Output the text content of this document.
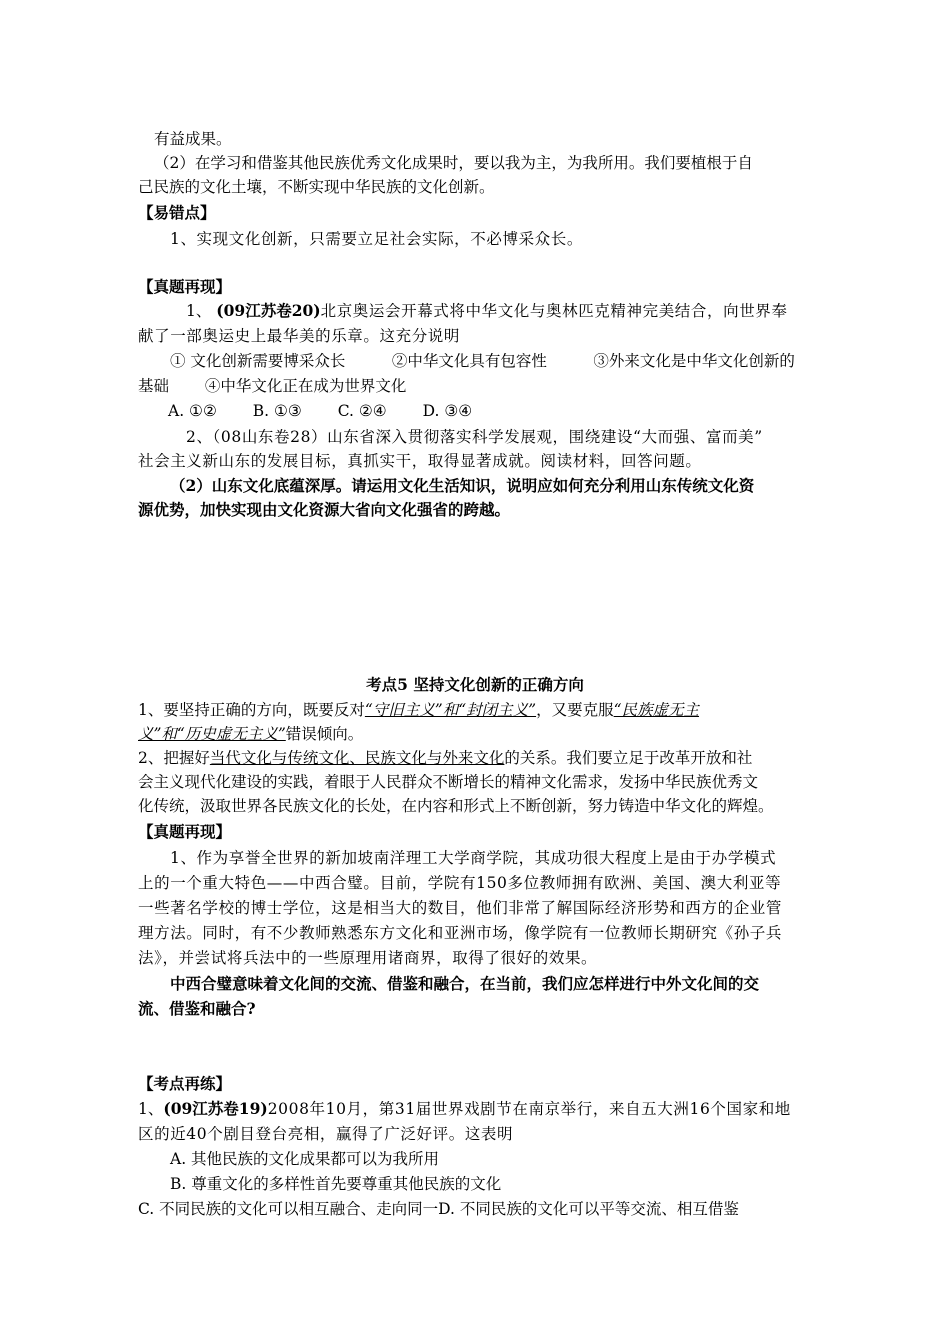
有益成果。
（2）在学习和借鉴其他民族优秀文化成果时，要以我为主，为我所用。我们要植根于自
己民族的文化土壤，不断实现中华民族的文化创新。
【易错点】
1、实现文化创新，只需要立足社会实际，不必博采众长。
【真题再现】
1、 (09江苏卷20)北京奥运会开幕式将中华文化与奥林匹克精神完美结合，向世界奉
献了一部奥运史上最华美的乐章。这充分说明
① 文化创新需要博采众长　　　②中华文化具有包容性　　　③外来文化是中华文化创新的
基础　　 ④中华文化正在成为世界文化
A. ①②　　 B. ①③　　 C. ②④　　 D. ③④
2、（08山东卷28）山东省深入贯彻落实科学发展观，围绕建设“大而强、富而美”
社会主义新山东的发展目标，真抓实干，取得显著成就。阅读材料，回答问题。
（2）山东文化底蕴深厚。请运用文化生活知识，说明应如何充分利用山东传统文化资
源优势，加快实现由文化资源大省向文化强省的跨越。
考点5 坚持文化创新的正确方向
1、要坚持正确的方向，既要反对“守旧主义”和“封闭主义”，又要克服“民族虚无主
义”和“历史虚无主义”错误倾向。
2、把握好当代文化与传统文化、民族文化与外来文化的关系。我们要立足于改革开放和社
会主义现代化建设的实践，着眼于人民群众不断增长的精神文化需求，发扬中华民族优秀文
化传统，汲取世界各民族文化的长处，在内容和形式上不断创新，努力铸造中华文化的辉煌。
【真题再现】
1、作为享誉全世界的新加坡南洋理工大学商学院，其成功很大程度上是由于办学模式
上的一个重大特色——中西合璧。目前，学院有150多位教师拥有欧洲、美国、澳大利亚等
一些著名学校的博士学位，这是相当大的数目，他们非常了解国际经济形势和西方的企业管
理方法。同时，有不少教师熟悉东方文化和亚洲市场，像学院有一位教师长期研究《孙子兵
法》，并尝试将兵法中的一些原理用诸商界，取得了很好的效果。
中西合璧意味着文化间的交流、借鉴和融合，在当前，我们应怎样进行中外文化间的交
流、借鉴和融合?
【考点再练】
1、(09江苏卷19)2008年10月，第31届世界戏剧节在南京举行，来自五大洲16个国家和地
区的近40个剧目登台亮相，赢得了广泛好评。这表明
A. 其他民族的文化成果都可以为我所用
B. 尊重文化的多样性首先要尊重其他民族的文化
C. 不同民族的文化可以相互融合、走向同一D. 不同民族的文化可以平等交流、相互借鉴
